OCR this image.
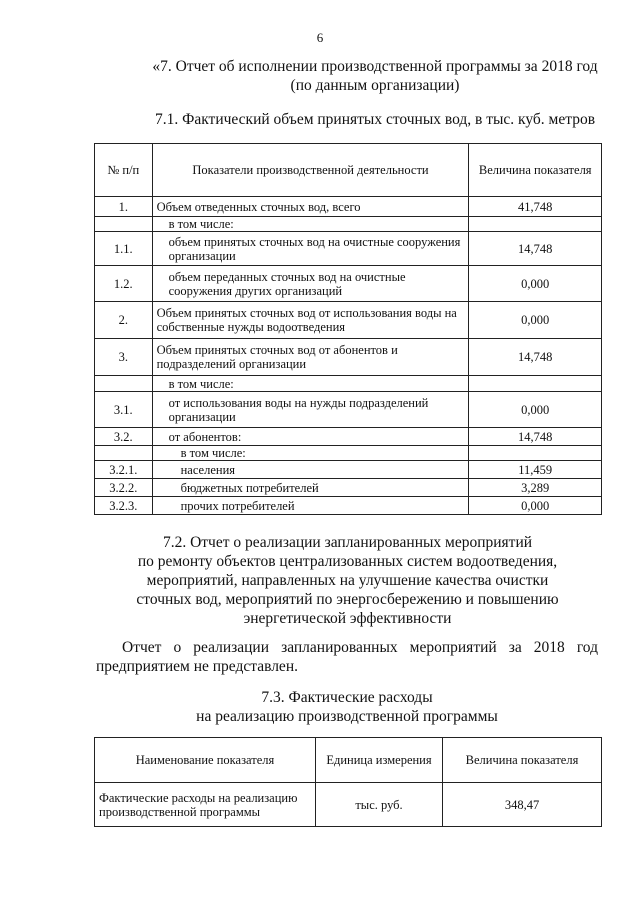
6
«7. Отчет об исполнении производственной программы за 2018 год
(по данным организации)
7.1. Фактический объем принятых сточных вод, в тыс. куб. метров
№ п/п	Показатели производственной деятельности	Величина показателя
1.	Объем отведенных сточных вод, всего	41,748
	в том числе:	
1.1.	объем принятых сточных вод на очистные сооружения организации	14,748
1.2.	объем переданных сточных вод на очистные сооружения других организаций	0,000
2.	Объем принятых сточных вод от использования воды на собственные нужды водоотведения	0,000
3.	Объем принятых сточных вод от абонентов и подразделений организации	14,748
	в том числе:	
3.1.	от использования воды на нужды подразделений организации	0,000
3.2.	от абонентов:	14,748
	в том числе:	
3.2.1.	населения	11,459
3.2.2.	бюджетных потребителей	3,289
3.2.3.	прочих потребителей	0,000
7.2. Отчет о реализации запланированных мероприятий
по ремонту объектов централизованных систем водоотведения,
мероприятий, направленных на улучшение качества очистки
сточных вод, мероприятий по энергосбережению и повышению
энергетической эффективности
Отчет о реализации запланированных мероприятий за 2018 год
предприятием не представлен.
7.3. Фактические расходы
на реализацию производственной программы
Наименование показателя	Единица измерения	Величина показателя
Фактические расходы на реализацию производственной программы	тыс. руб.	348,47
